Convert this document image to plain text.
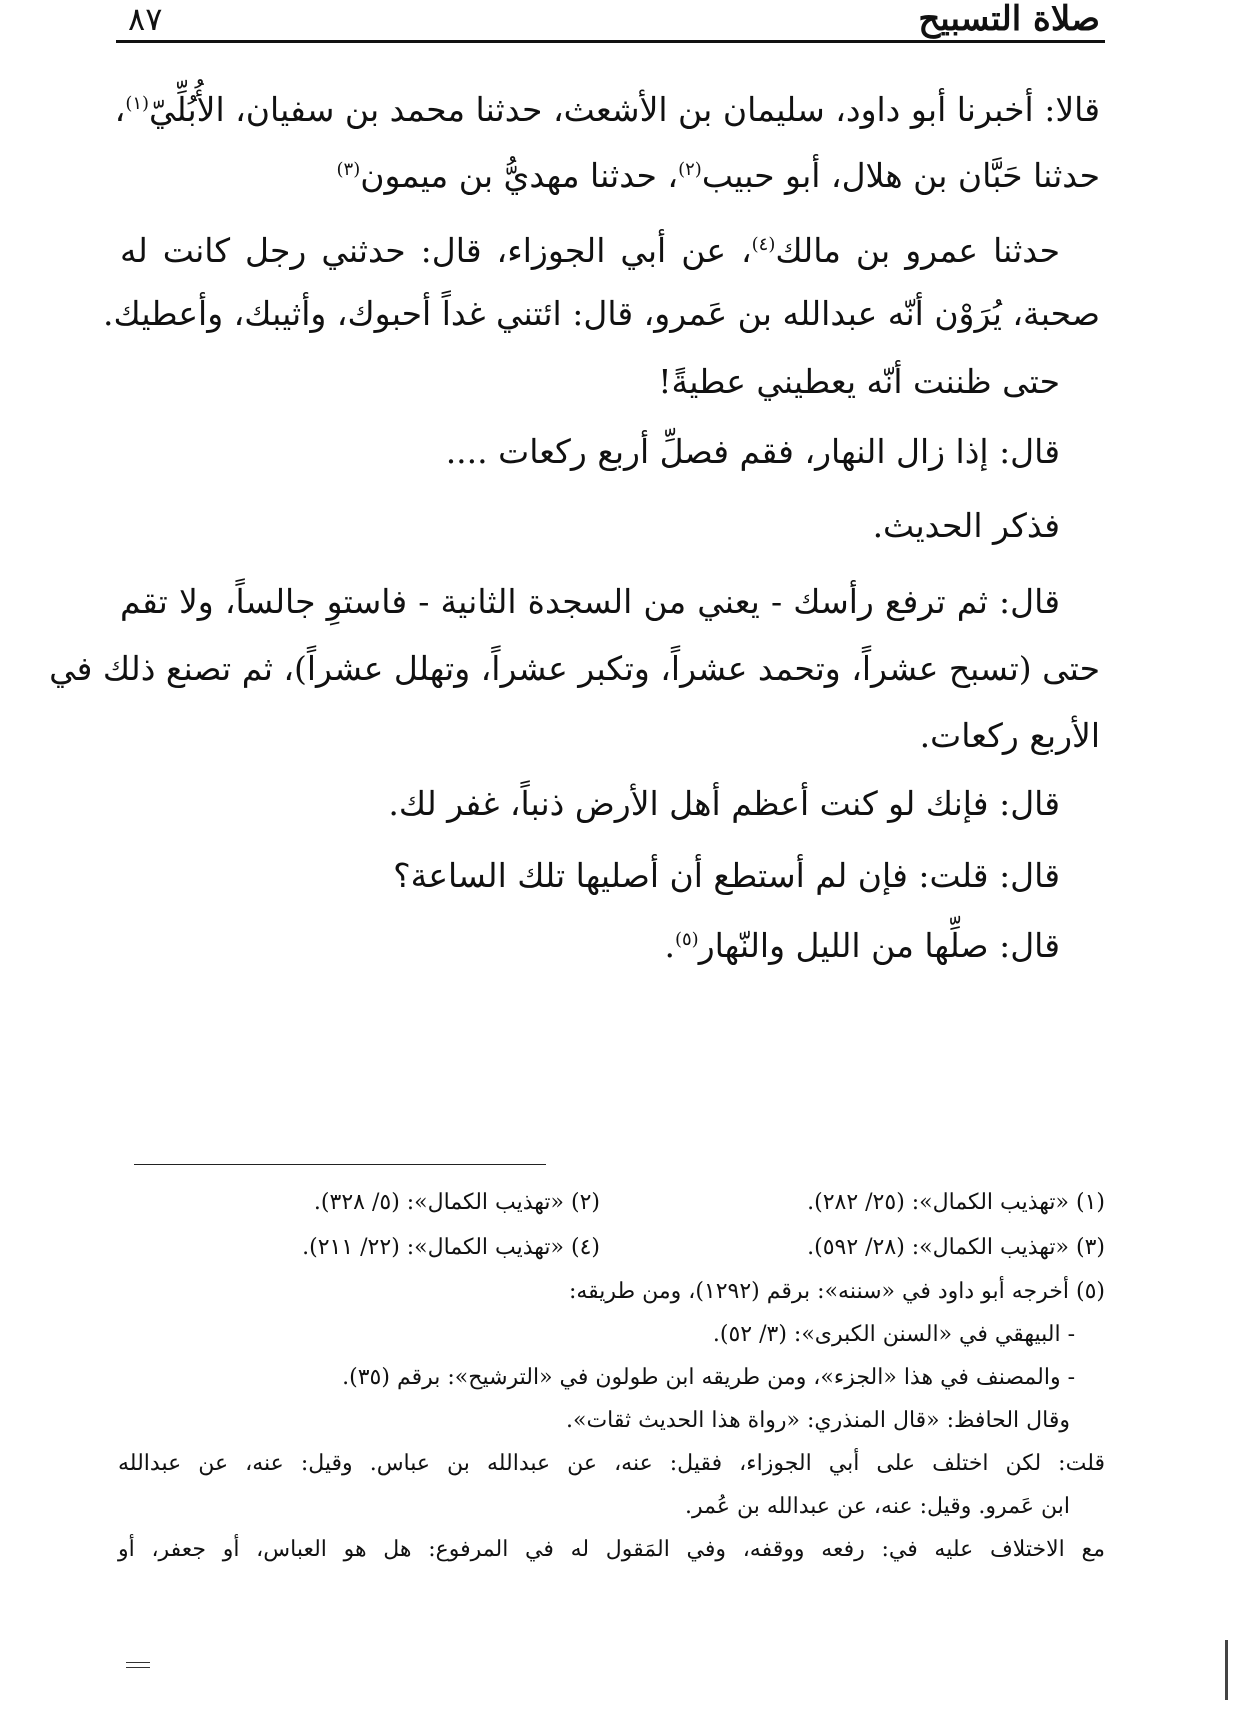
صلاة التسبيح
٨٧
قالا: أخبرنا أبو داود، سليمان بن الأشعث، حدثنا محمد بن سفيان، الأُبُلِّيّ$^{(١)}$،
حدثنا حَبَّان بن هلال، أبو حبيب$^{(٢)}$، حدثنا مهديُّ بن ميمون$^{(٣)}$
حدثنا عمرو بن مالك$^{(٤)}$، عن أبي الجوزاء، قال: حدثني رجل كانت له
صحبة، يُرَوْن أنّه عبدالله بن عَمرو، قال: ائتني غداً أحبوك، وأثيبك، وأعطيك.
حتى ظننت أنّه يعطيني عطيةً!
قال: إذا زال النهار، فقم فصلِّ أربع ركعات ....
فذكر الحديث.
قال: ثم ترفع رأسك - يعني من السجدة الثانية - فاستوِ جالساً، ولا تقم
حتى (تسبح عشراً، وتحمد عشراً، وتكبر عشراً، وتهلل عشراً)، ثم تصنع ذلك في
الأربع ركعات.
قال: فإنك لو كنت أعظم أهل الأرض ذنباً، غفر لك.
قال: قلت: فإن لم أستطع أن أصليها تلك الساعة؟
قال: صلِّها من الليل والنّهار$^{(٥)}$.
(١) «تهذيب الكمال»: (٢٥/ ٢٨٢).
(٢) «تهذيب الكمال»: (٥/ ٣٢٨).
(٣) «تهذيب الكمال»: (٢٨/ ٥٩٢).
(٤) «تهذيب الكمال»: (٢٢/ ٢١١).
(٥) أخرجه أبو داود في «سننه»: برقم (١٢٩٢)، ومن طريقه:
- البيهقي في «السنن الكبرى»: (٣/ ٥٢).
- والمصنف في هذا «الجزء»، ومن طريقه ابن طولون في «الترشيح»: برقم (٣٥).
وقال الحافظ: «قال المنذري: «رواة هذا الحديث ثقات».
قلت: لكن اختلف على أبي الجوزاء، فقيل: عنه، عن عبدالله بن عباس. وقيل: عنه، عن عبدالله
ابن عَمرو. وقيل: عنه، عن عبدالله بن عُمر.
مع الاختلاف عليه في: رفعه ووقفه، وفي المَقول له في المرفوع: هل هو العباس، أو جعفر، أو
